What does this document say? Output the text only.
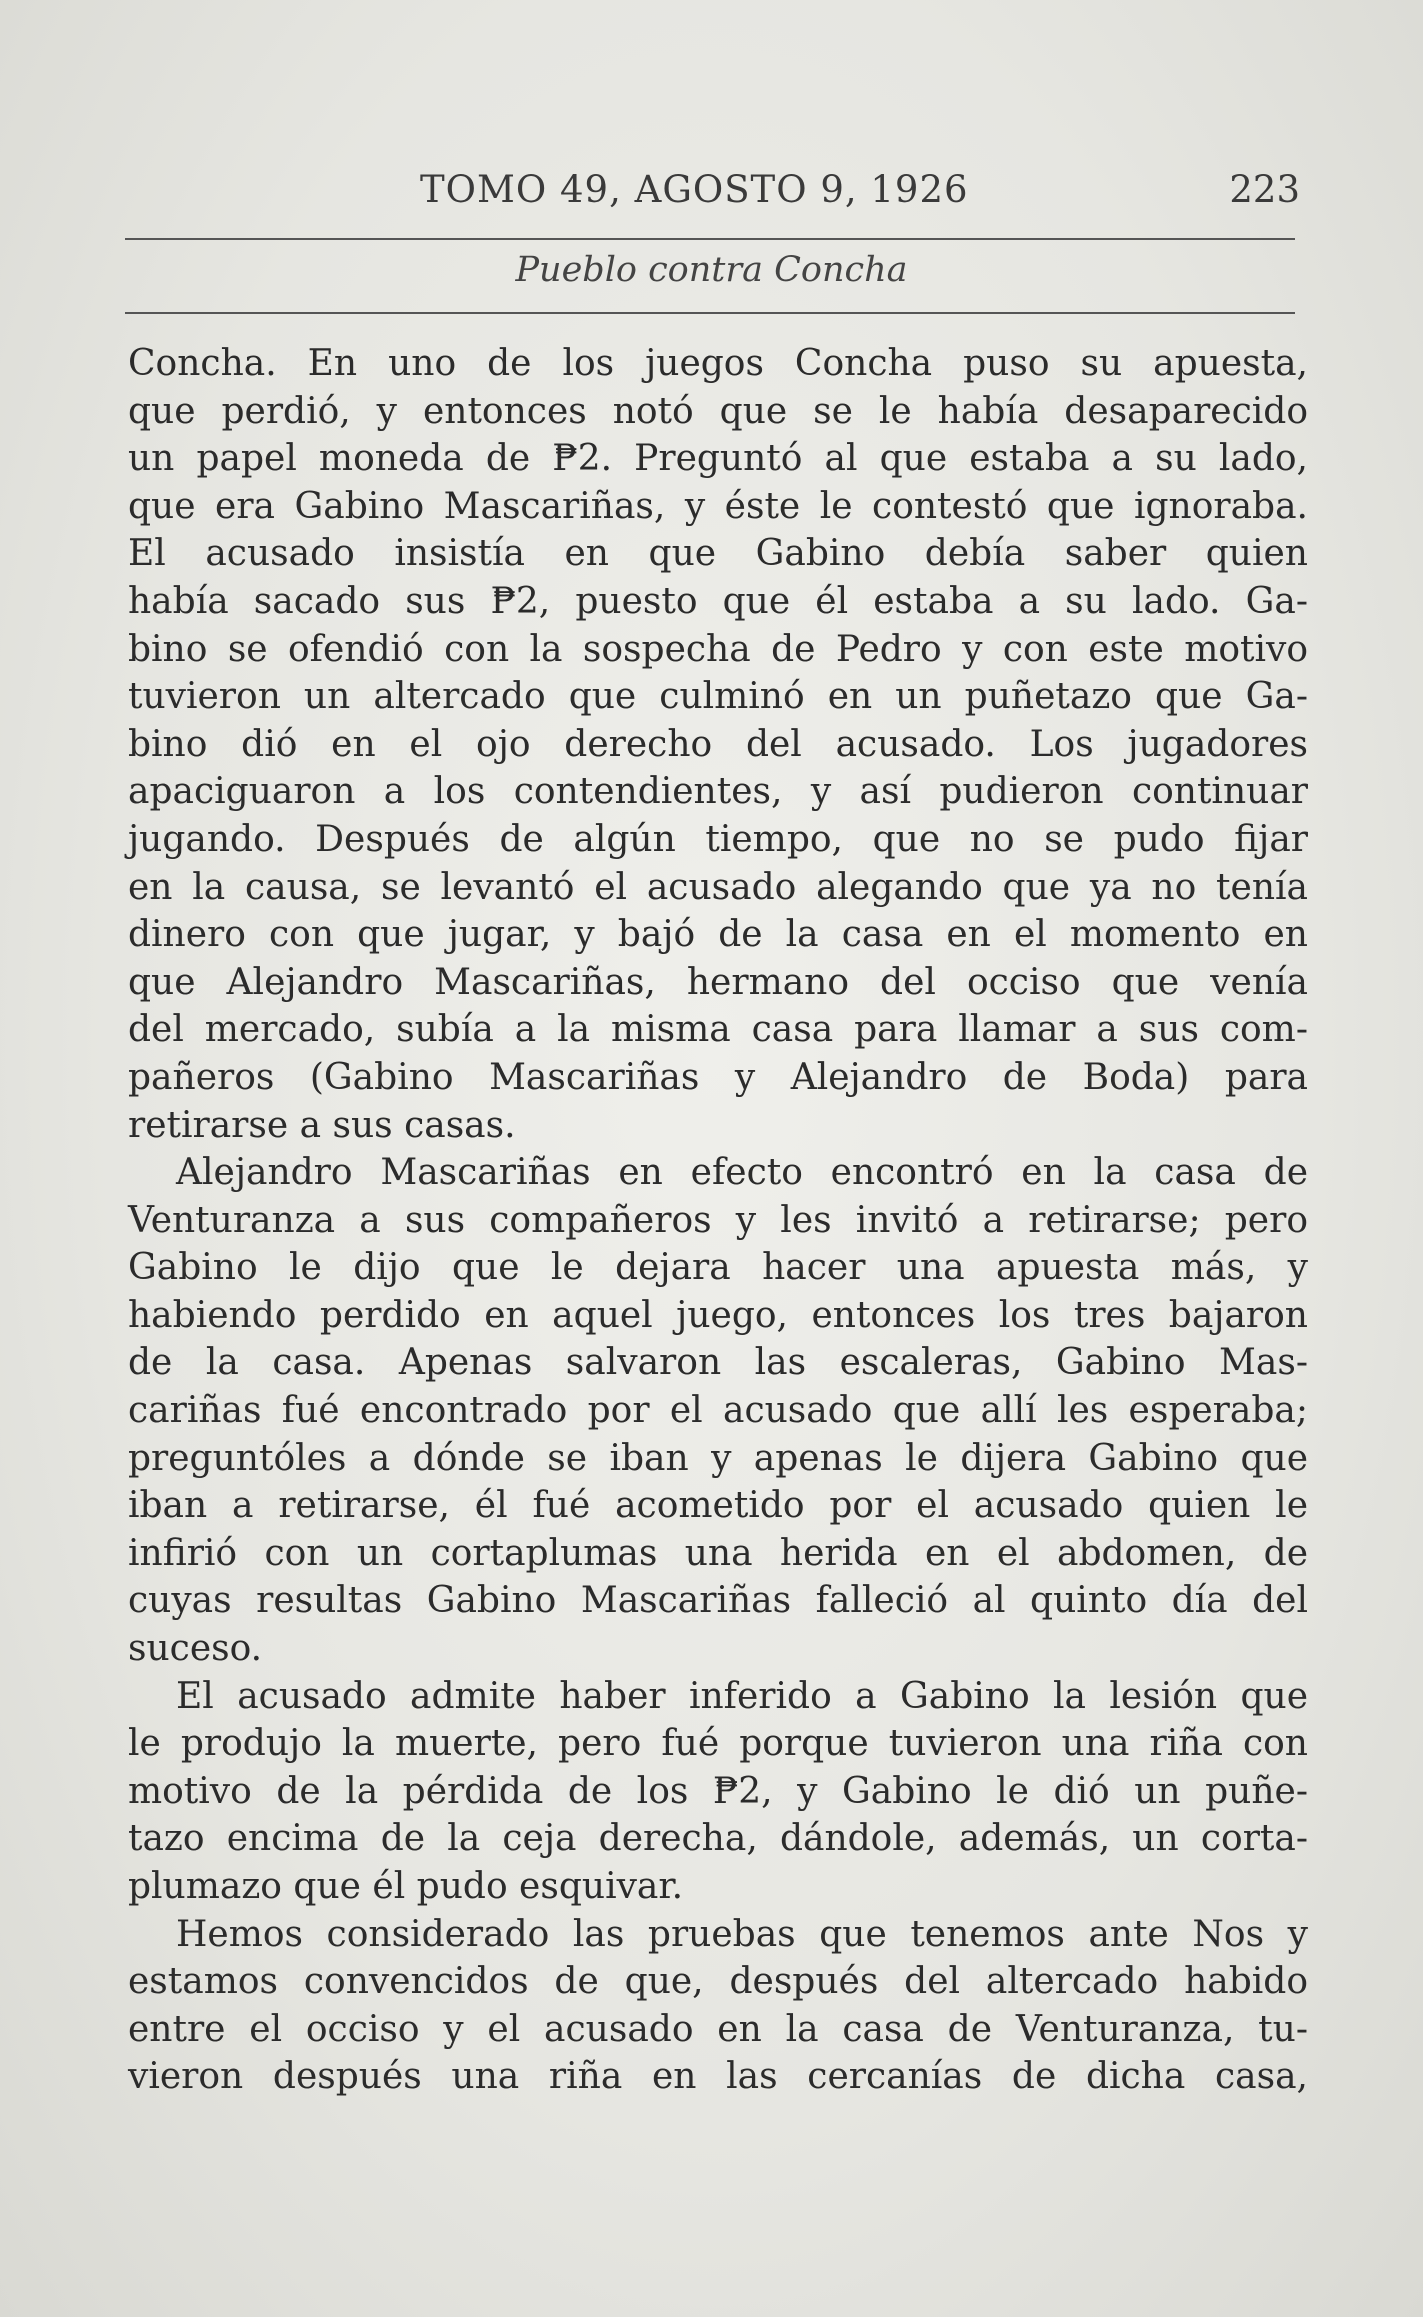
TOMO 49, AGOSTO 9, 1926	223
Pueblo contra Concha
Concha. En uno de los juegos Concha puso su apuesta,
que perdió, y entonces notó que se le había desaparecido
un papel moneda de ₱2. Preguntó al que estaba a su lado,
que era Gabino Mascariñas, y éste le contestó que ignoraba.
El acusado insistía en que Gabino debía saber quien
había sacado sus ₱2, puesto que él estaba a su lado. Ga-
bino se ofendió con la sospecha de Pedro y con este motivo
tuvieron un altercado que culminó en un puñetazo que Ga-
bino dió en el ojo derecho del acusado. Los jugadores
apaciguaron a los contendientes, y así pudieron continuar
jugando. Después de algún tiempo, que no se pudo fijar
en la causa, se levantó el acusado alegando que ya no tenía
dinero con que jugar, y bajó de la casa en el momento en
que Alejandro Mascariñas, hermano del occiso que venía
del mercado, subía a la misma casa para llamar a sus com-
pañeros (Gabino Mascariñas y Alejandro de Boda) para
retirarse a sus casas.
Alejandro Mascariñas en efecto encontró en la casa de
Venturanza a sus compañeros y les invitó a retirarse; pero
Gabino le dijo que le dejara hacer una apuesta más, y
habiendo perdido en aquel juego, entonces los tres bajaron
de la casa. Apenas salvaron las escaleras, Gabino Mas-
cariñas fué encontrado por el acusado que allí les esperaba;
preguntóles a dónde se iban y apenas le dijera Gabino que
iban a retirarse, él fué acometido por el acusado quien le
infirió con un cortaplumas una herida en el abdomen, de
cuyas resultas Gabino Mascariñas falleció al quinto día del
suceso.
El acusado admite haber inferido a Gabino la lesión que
le produjo la muerte, pero fué porque tuvieron una riña con
motivo de la pérdida de los ₱2, y Gabino le dió un puñe-
tazo encima de la ceja derecha, dándole, además, un corta-
plumazo que él pudo esquivar.
Hemos considerado las pruebas que tenemos ante Nos y
estamos convencidos de que, después del altercado habido
entre el occiso y el acusado en la casa de Venturanza, tu-
vieron después una riña en las cercanías de dicha casa,
